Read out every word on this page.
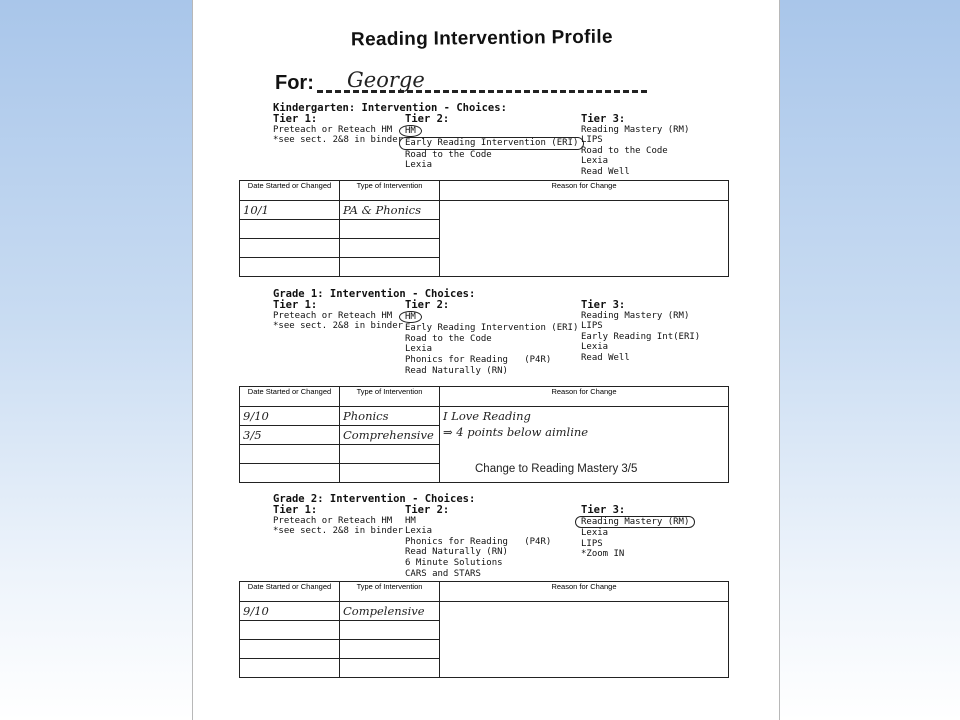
Reading Intervention Profile
For: George
Kindergarten: Intervention - Choices:
Tier 1:
Preteach or Reteach HM
*see sect. 2&8 in binder
Tier 2:
HM
Early Reading Intervention (ERI)
Road to the Code
Lexia
Tier 3:
Reading Mastery (RM)
LIPS
Road to the Code
Lexia
Read Well
Date Started or Changed	Type of Intervention	Reason for Change
10/1	PA & Phonics	

Grade 1: Intervention - Choices:
Tier 1:
Preteach or Reteach HM
*see sect. 2&8 in binder
Tier 2:
HM
Early Reading Intervention (ERI)
Road to the Code
Lexia
Phonics for Reading (P4R)
Read Naturally (RN)
Tier 3:
Reading Mastery (RM)
LIPS
Early Reading Int(ERI)
Lexia
Read Well
Date Started or Changed	Type of Intervention	Reason for Change
9/10	Phonics	I Love Reading
⇒ 4 points below aimline

3/5	Comprehensive	

Change to Reading Mastery 3/5
Grade 2: Intervention - Choices:
Tier 1:
Preteach or Reteach HM
*see sect. 2&8 in binder
Tier 2:
HM
Lexia
Phonics for Reading (P4R)
Read Naturally (RN)
6 Minute Solutions
CARS and STARS
Tier 3:
Reading Mastery (RM)
Lexia
LIPS
*Zoom IN
Date Started or Changed	Type of Intervention	Reason for Change
9/10	Compelensive	
